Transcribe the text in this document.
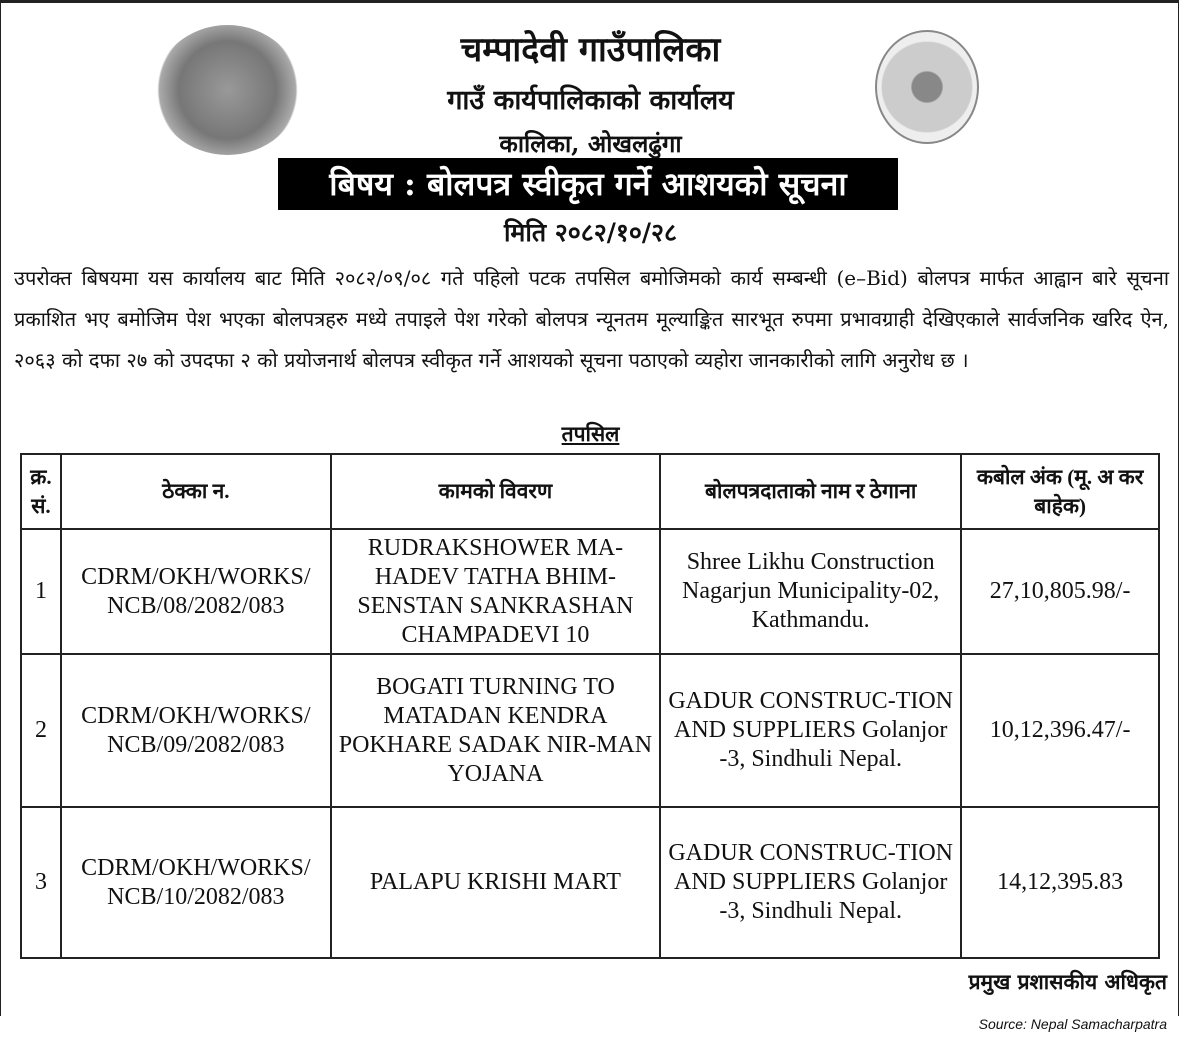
चम्पादेवी गाउँपालिका
गाउँ कार्यपालिकाको कार्यालय
कालिका, ओखलढुंगा
बिषय : बोलपत्र स्वीकृत गर्ने आशयको सूचना
मिति २०८२/१०/२८
उपरोक्त बिषयमा यस कार्यालय बाट मिति २०८२/०९/०८ गते पहिलो पटक तपसिल बमोजिमको कार्य सम्बन्धी (e–Bid) बोलपत्र मार्फत आह्वान बारे सूचना प्रकाशित भए बमोजिम पेश भएका बोलपत्रहरु मध्ये तपाइले पेश गरेको बोलपत्र न्यूनतम मूल्याङ्कित सारभूत रुपमा प्रभावग्राही देखिएकाले सार्वजनिक खरिद ऐन, २०६३ को दफा २७ को उपदफा २ को प्रयोजनार्थ बोलपत्र स्वीकृत गर्ने आशयको सूचना पठाएको व्यहोरा जानकारीको लागि अनुरोध छ ।
तपसिल
क्र. सं.	ठेक्का न.	कामको विवरण	बोलपत्रदाताको नाम र ठेगाना	कबोल अंक (मू. अ कर बाहेक)
1	CDRM/OKH/WORKS/ NCB/08/2082/083	RUDRAKSHOWER MA-HADEV TATHA BHIM-SENSTAN SANKRASHAN CHAMPADEVI 10	Shree Likhu Construction Nagarjun Municipality-02, Kathmandu.	27,10,805.98/-
2	CDRM/OKH/WORKS/ NCB/09/2082/083	BOGATI TURNING TO MATADAN KENDRA POKHARE SADAK NIR-MAN YOJANA	GADUR CONSTRUC-TION AND SUPPLIERS Golanjor -3, Sindhuli Nepal.	10,12,396.47/-
3	CDRM/OKH/WORKS/ NCB/10/2082/083	PALAPU KRISHI MART	GADUR CONSTRUC-TION AND SUPPLIERS Golanjor -3, Sindhuli Nepal.	14,12,395.83
प्रमुख प्रशासकीय अधिकृत
Source: Nepal Samacharpatra
